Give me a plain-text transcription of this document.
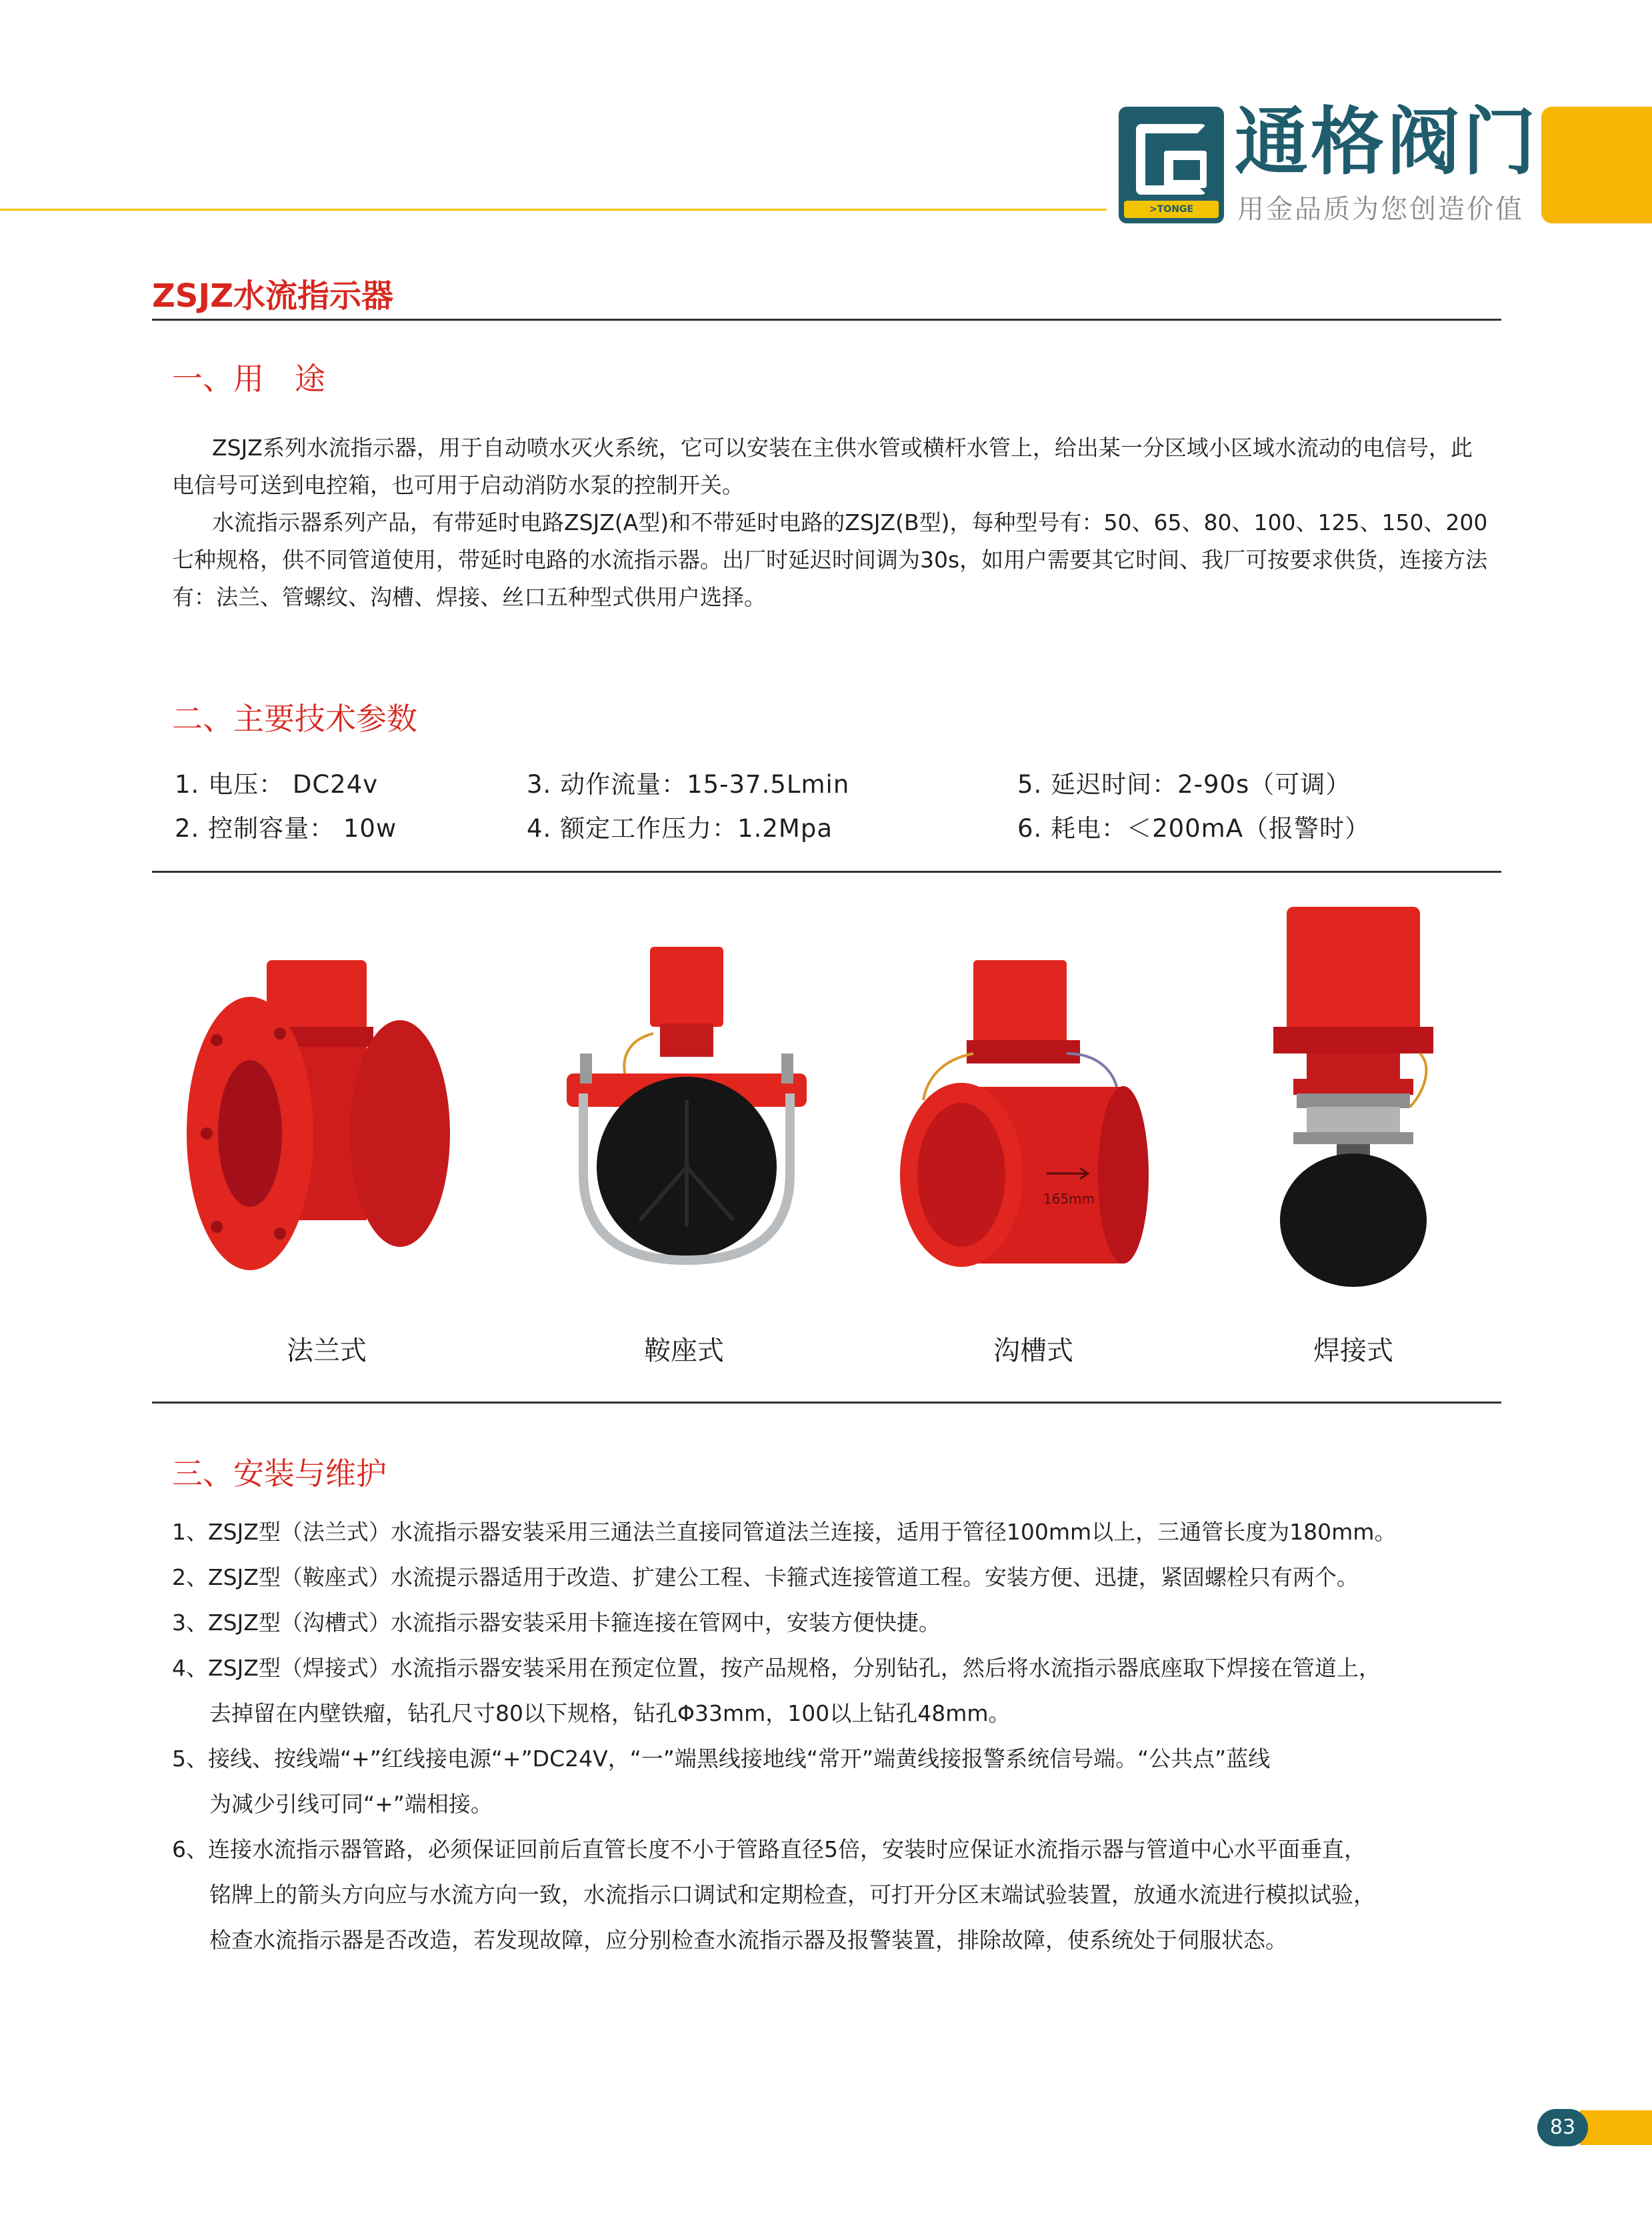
>TONGE
通格阀门
用金品质为您创造价值
ZSJZ水流指示器
一、用　途

ZSJZ系列水流指示器，用于自动喷水灭火系统，它可以安装在主供水管或横杆水管上，给出某一分区域小区域水流动的电信号，此电信号可送到电控箱，也可用于启动消防水泵的控制开关。

水流指示器系列产品，有带延时电路ZSJZ(A型)和不带延时电路的ZSJZ(B型)，每种型号有：50、65、80、100、125、150、200七种规格，供不同管道使用，带延时电路的水流指示器。出厂时延迟时间调为30s，如用户需要其它时间、我厂可按要求供货，连接方法有：法兰、管螺纹、沟槽、焊接、丝口五种型式供用户选择。

二、主要技术参数
1. 电压： DC24v	3. 动作流量：15-37.5Lmin	5. 延迟时间：2-90s（可调）
2. 控制容量： 10w	4. 额定工作压力：1.2Mpa	6. 耗电：＜200mA（报警时）
法兰式	鞍座式
165mm
沟槽式	焊接式
三、安装与维护
1、ZSJZ型（法兰式）水流指示器安装采用三通法兰直接同管道法兰连接，适用于管径100mm以上，三通管长度为180mm。
2、ZSJZ型（鞍座式）水流提示器适用于改造、扩建公工程、卡箍式连接管道工程。安装方便、迅捷，紧固螺栓只有两个。
3、ZSJZ型（沟槽式）水流指示器安装采用卡箍连接在管网中，安装方便快捷。
4、ZSJZ型（焊接式）水流指示器安装采用在预定位置，按产品规格，分别钻孔，然后将水流指示器底座取下焊接在管道上，
去掉留在内壁铁瘤，钻孔尺寸80以下规格，钻孔Φ33mm，100以上钻孔48mm。
5、接线、按线端“+”红线接电源“+”DC24V，“一”端黑线接地线“常开”端黄线接报警系统信号端。“公共点”蓝线
为减少引线可同“+”端相接。
6、连接水流指示器管路，必须保证回前后直管长度不小于管路直径5倍，安装时应保证水流指示器与管道中心水平面垂直，
铭牌上的箭头方向应与水流方向一致，水流指示口调试和定期检查，可打开分区末端试验装置，放通水流进行模拟试验，
检查水流指示器是否改造，若发现故障，应分别检查水流指示器及报警装置，排除故障，使系统处于伺服状态。
83
